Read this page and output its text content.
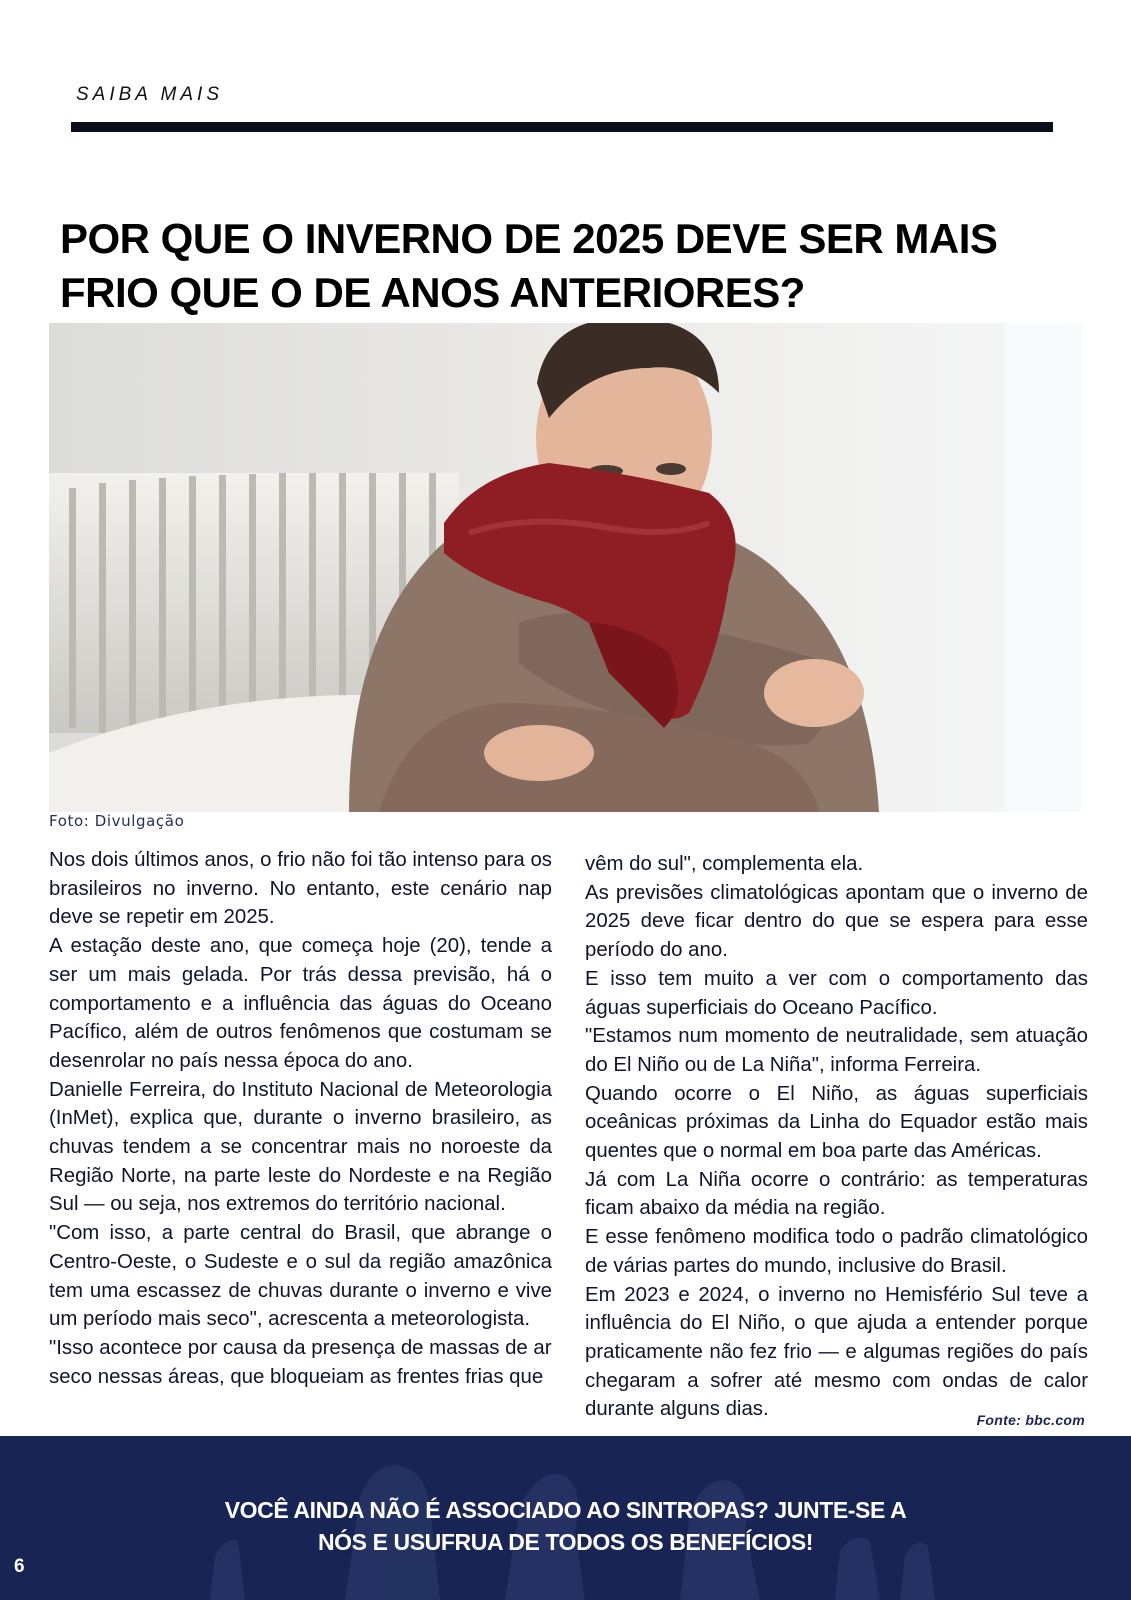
SAIBA MAIS
POR QUE O INVERNO DE 2025 DEVE SER MAIS FRIO QUE O DE ANOS ANTERIORES?
Foto: Divulgação

Nos dois últimos anos, o frio não foi tão intenso para os brasileiros no inverno. No entanto, este cenário nap deve se repetir em 2025.

A estação deste ano, que começa hoje (20), tende a ser um mais gelada. Por trás dessa previsão, há o comportamento e a influência das águas do Oceano Pacífico, além de outros fenômenos que costumam se desenrolar no país nessa época do ano.

Danielle Ferreira, do Instituto Nacional de Meteorologia (InMet), explica que, durante o inverno brasileiro, as chuvas tendem a se concentrar mais no noroeste da Região Norte, na parte leste do Nordeste e na Região Sul — ou seja, nos extremos do território nacional.

"Com isso, a parte central do Brasil, que abrange o Centro-Oeste, o Sudeste e o sul da região amazônica tem uma escassez de chuvas durante o inverno e vive um período mais seco", acrescenta a meteorologista.

"Isso acontece por causa da presença de massas de ar seco nessas áreas, que bloqueiam as frentes frias que

vêm do sul", complementa ela.

As previsões climatológicas apontam que o inverno de 2025 deve ficar dentro do que se espera para esse período do ano.

E isso tem muito a ver com o comportamento das águas superficiais do Oceano Pacífico.

"Estamos num momento de neutralidade, sem atuação do El Niño ou de La Niña", informa Ferreira.

Quando ocorre o El Niño, as águas superficiais oceânicas próximas da Linha do Equador estão mais quentes que o normal em boa parte das Américas.

Já com La Niña ocorre o contrário: as temperaturas ficam abaixo da média na região.

E esse fenômeno modifica todo o padrão climatológico de várias partes do mundo, inclusive do Brasil.

Em 2023 e 2024, o inverno no Hemisfério Sul teve a influência do El Niño, o que ajuda a entender porque praticamente não fez frio — e algumas regiões do país chegaram a sofrer até mesmo com ondas de calor durante alguns dias.	Fonte: bbc.com

VOCÊ AINDA NÃO É ASSOCIADO AO SINTROPAS? JUNTE-SE A NÓS E USUFRUA DE TODOS OS BENEFÍCIOS!

6
